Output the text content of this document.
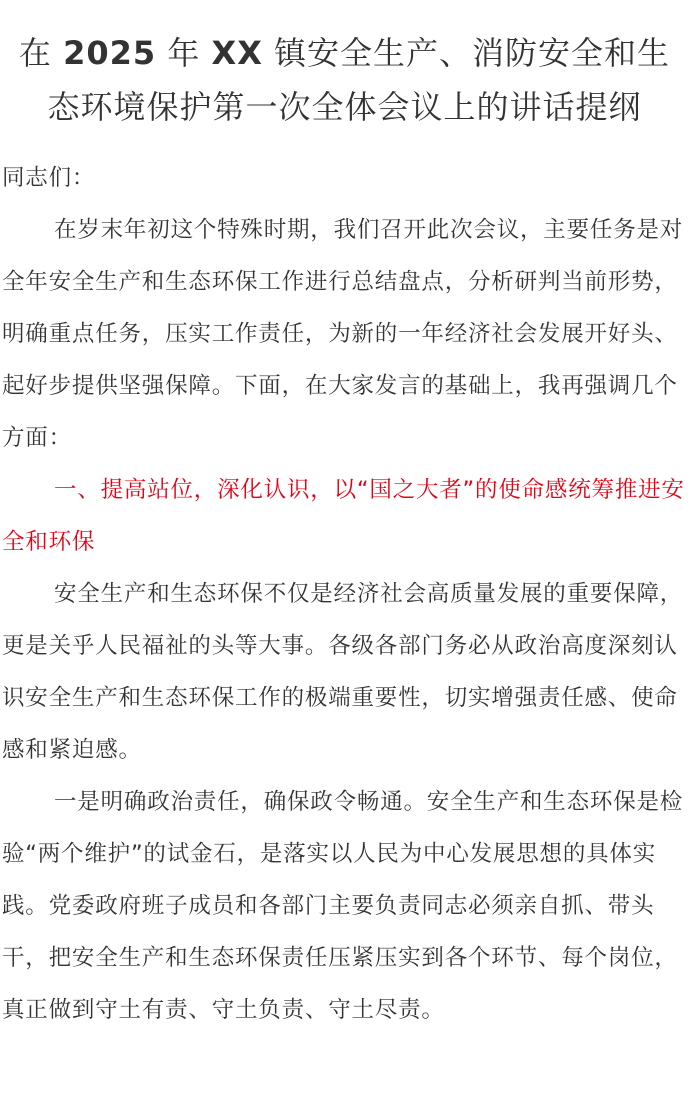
在 2025 年 XX 镇安全生产、消防安全和生
态环境保护第一次全体会议上的讲话提纲

同志们：

在岁末年初这个特殊时期，我们召开此次会议，主要任务是对全年安全生产和生态环保工作进行总结盘点，分析研判当前形势，明确重点任务，压实工作责任，为新的一年经济社会发展开好头、起好步提供坚强保障。下面，在大家发言的基础上，我再强调几个方面：

一、提高站位，深化认识，以“国之大者”的使命感统筹推进安全和环保

安全生产和生态环保不仅是经济社会高质量发展的重要保障，更是关乎人民福祉的头等大事。各级各部门务必从政治高度深刻认识安全生产和生态环保工作的极端重要性，切实增强责任感、使命感和紧迫感。

一是明确政治责任，确保政令畅通。安全生产和生态环保是检验“两个维护”的试金石，是落实以人民为中心发展思想的具体实践。党委政府班子成员和各部门主要负责同志必须亲自抓、带头干，把安全生产和生态环保责任压紧压实到各个环节、每个岗位，真正做到守土有责、守土负责、守土尽责。
